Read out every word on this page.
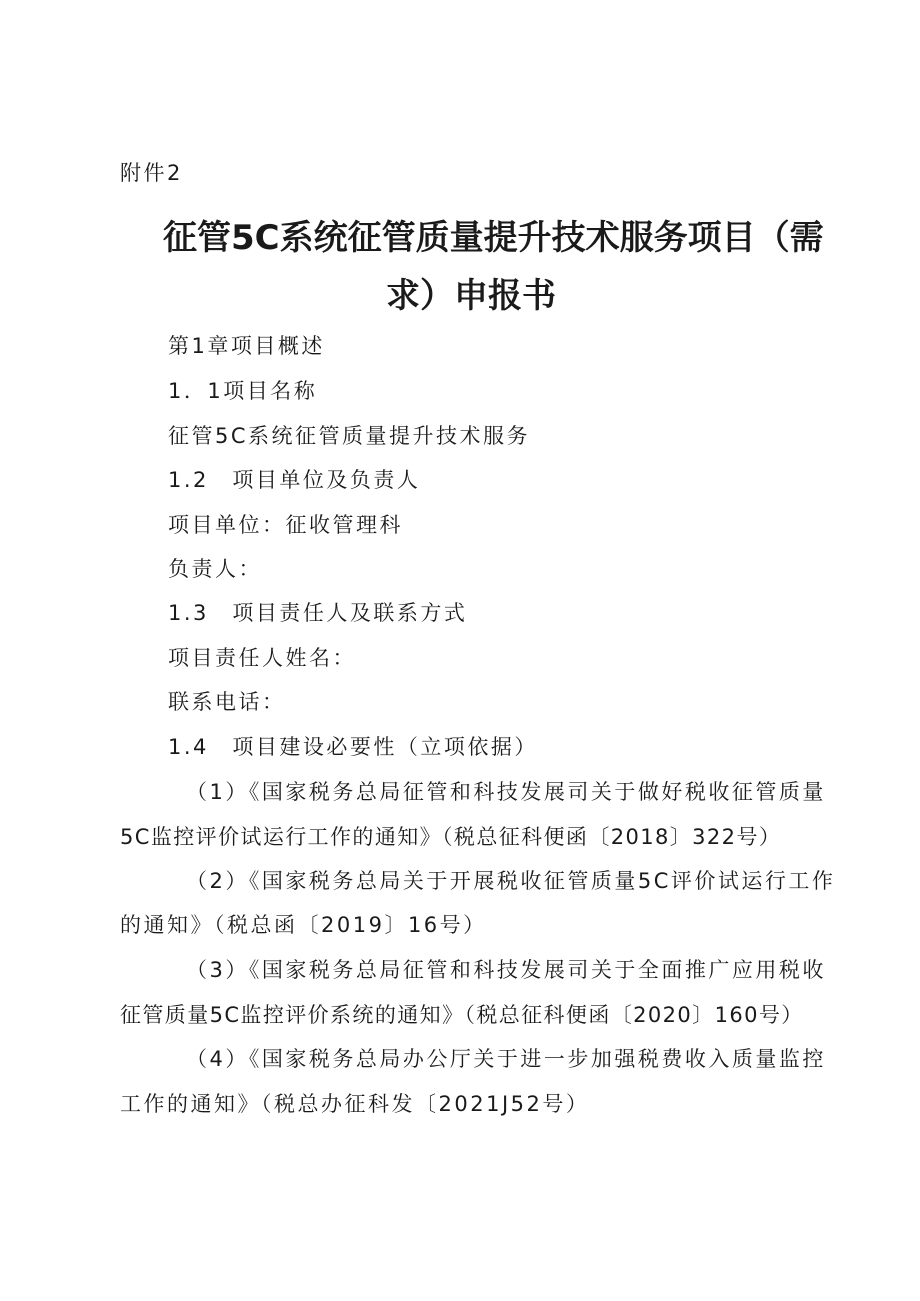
附件2
征管5C系统征管质量提升技术服务项目（需
求）申报书
第1章项目概述
1．1项目名称
征管5C系统征管质量提升技术服务
1.2　项目单位及负责人
项目单位：征收管理科
负责人：
1.3　项目责任人及联系方式
项目责任人姓名：
联系电话：
1.4　项目建设必要性（立项依据）
（1）《国家税务总局征管和科技发展司关于做好税收征管质量
5C监控评价试运行工作的通知》（税总征科便函〔2018〕322号）
（2）《国家税务总局关于开展税收征管质量5C评价试运行工作
的通知》（税总函〔2019〕16号）
（3）《国家税务总局征管和科技发展司关于全面推广应用税收
征管质量5C监控评价系统的通知》（税总征科便函〔2020〕160号）
（4）《国家税务总局办公厅关于进一步加强税费收入质量监控
工作的通知》（税总办征科发〔2021J52号）
